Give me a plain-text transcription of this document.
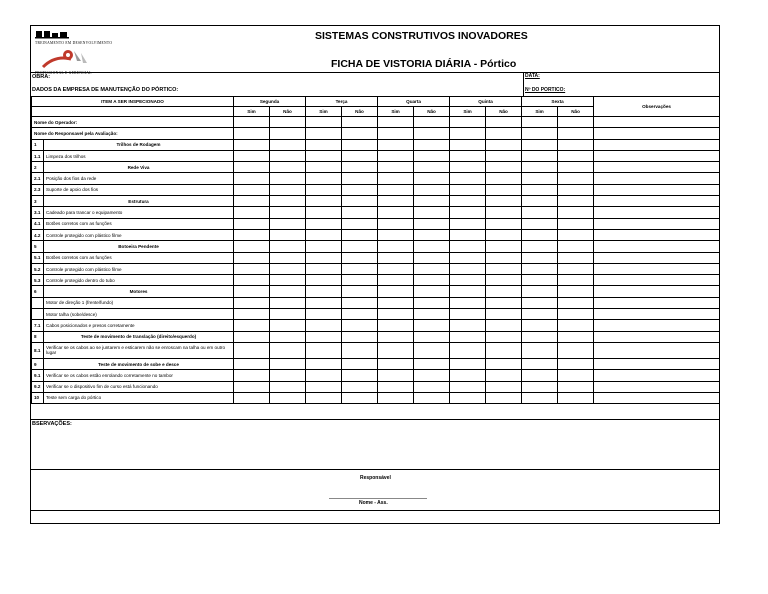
TREINAMENTO EM DESENVOLVIMENTO
PROFISSIONAL E GERENCIAL
SISTEMAS CONSTRUTIVOS INOVADORES
FICHA DE VISTORIA DIÁRIA - Pórtico
OBRA:	DATA:
DADOS DA EMPRESA DE MANUTENÇÃO DO PÓRTICO:	Nº DO PORTICO:
ITEM A SER INSPECIONADO		Segunda		Terça		Quarta		Quinta		Sexta		Observações
		Sim	Não	Sim	Não	Sim	Não	Sim	Não	Sim	Não	
Nome do Operador:												
Nome do Responsavel pela Avaliação:												
1	Trilhos de Rodagem											
1.1	Limpeza dos trilhos											
2	Rede Viva											
2.1	Posição dos fios da rede											
2.3	Suporte de apoio dos fios											
3	Estrutura											
3.1	Cadeado para trancar o equipamento											
4.1	Botões corretos com as funções											
4.2	Controle protegido com plástico filme											
5	Botoeira Pendente											
5.1	Botões corretos com as funções											
5.2	Controle protegido com plástico filme											
5.3	Controle protegido dentro do tubo											
6	Motores											
	Motor de direção 1 (frente/fundo)											
	Motor talha (sobe/desce)											
7.1	Cabos posicionados e presos corretamente											
8	Teste de movimento de translação (direito/esquerdo)											
8.1	Verificar se os cabos ao se juntarem e esticarem não se enroscam na talha ou em outro lugar											
9	Teste de movimento de sobe e desce											
9.1	Verificar se os cabos estão enrolando corretamente no tambor											
9.2	Verificar se o dispositivo fim de curso está funcionando											
10	Teste sem carga do pórtico											
BSERVAÇÕES:
Responsável
Nome - Ass.
